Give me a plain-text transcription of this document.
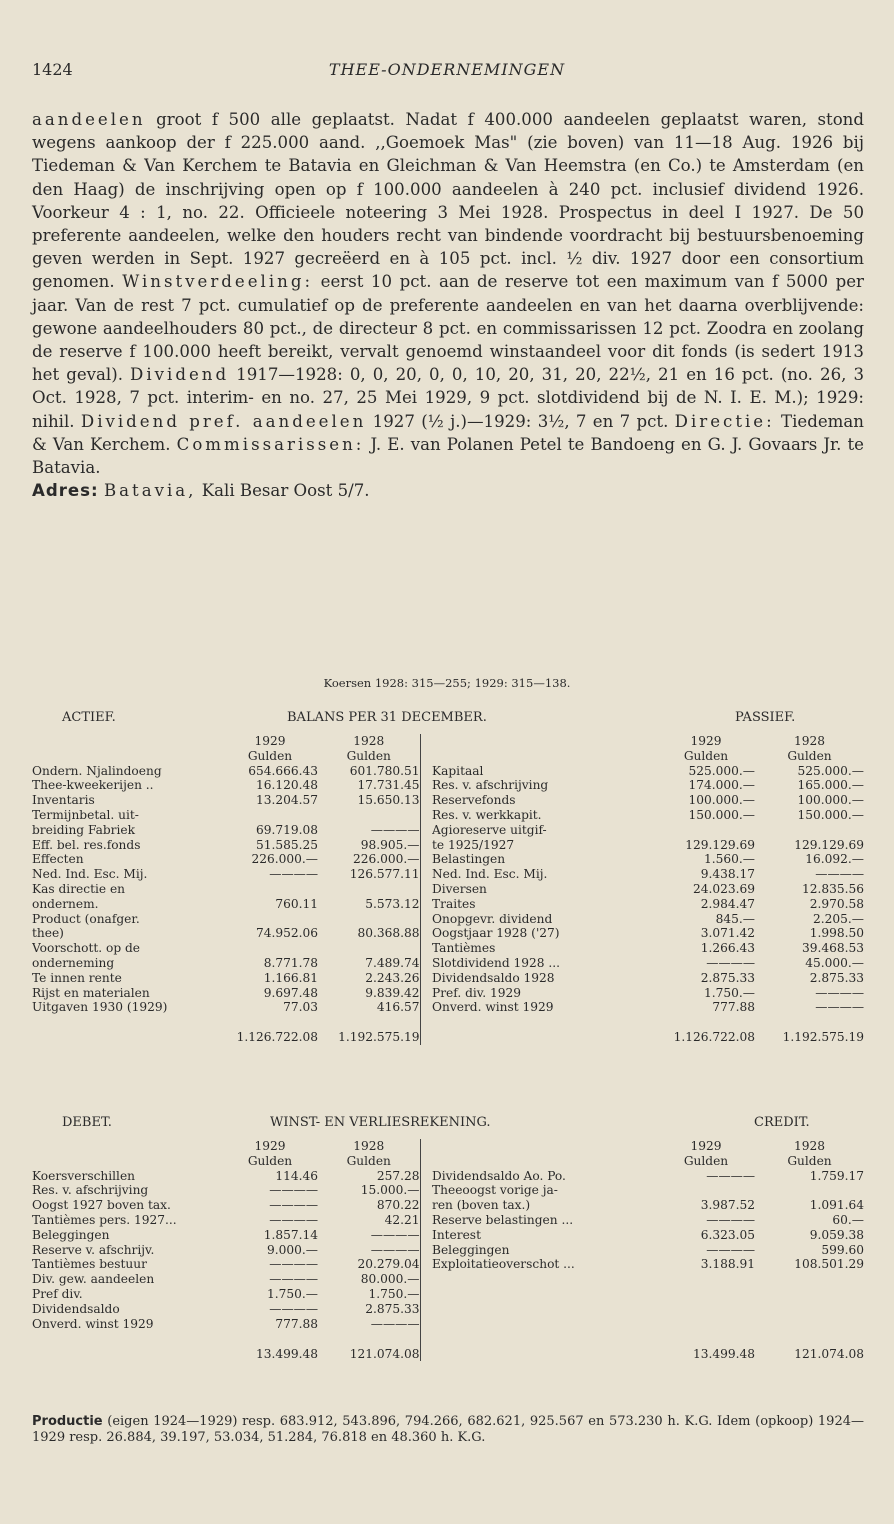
1424	THEE-ONDERNEMINGEN

aandeelen groot f 500 alle geplaatst. Nadat f 400.000 aandeelen geplaatst waren, stond wegens aankoop der f 225.000 aand. ,,Goemoek Mas" (zie boven) van 11—18 Aug. 1926 bij Tiedeman & Van Kerchem te Batavia en Gleichman & Van Heemstra (en Co.) te Amsterdam (en den Haag) de inschrijving open op f 100.000 aandeelen à 240 pct. inclusief dividend 1926. Voorkeur 4 : 1, no. 22. Officieele noteering 3 Mei 1928. Prospectus in deel I 1927. De 50 preferente aandeelen, welke den houders recht van bindende voordracht bij bestuursbenoeming geven werden in Sept. 1927 gecreëerd en à 105 pct. incl. ½ div. 1927 door een consortium genomen. Winstverdeeling: eerst 10 pct. aan de reserve tot een maximum van f 5000 per jaar. Van de rest 7 pct. cumulatief op de preferente aandeelen en van het daarna overblijvende: gewone aandeelhouders 80 pct., de directeur 8 pct. en commissarissen 12 pct. Zoodra en zoolang de reserve f 100.000 heeft bereikt, vervalt genoemd winstaandeel voor dit fonds (is sedert 1913 het geval). Dividend 1917—1928: 0, 0, 20, 0, 0, 10, 20, 31, 20, 22½, 21 en 16 pct. (no. 26, 3 Oct. 1928, 7 pct. interim- en no. 27, 25 Mei 1929, 9 pct. slotdividend bij de N. I. E. M.); 1929: nihil. Dividend pref. aandeelen 1927 (½ j.)—1929: 3½, 7 en 7 pct. Directie: Tiedeman & Van Kerchem. Commissarissen: J. E. van Polanen Petel te Bandoeng en G. J. Govaars Jr. te Batavia.

Adres: Batavia, Kali Besar Oost 5/7.

Koersen 1928: 315—255; 1929: 315—138.
ACTIEF.	BALANS PER 31 DECEMBER.	PASSIEF.
	1929	1928			1929	1928
	Gulden	Gulden			Gulden	Gulden
Ondern. Njalindoeng	654.666.43	601.780.51		Kapitaal	525.000.—	525.000.—
Thee-kweekerijen ..	16.120.48	17.731.45		Res. v. afschrijving	174.000.—	165.000.—
Inventaris	13.204.57	15.650.13		Reservefonds	100.000.—	100.000.—
Termijnbetal. uit-				Res. v. werkkapit.	150.000.—	150.000.—
breiding Fabriek	69.719.08	————		Agioreserve uitgif-		
Eff. bel. res.fonds	51.585.25	98.905.—		te 1925/1927	129.129.69	129.129.69
Effecten	226.000.—	226.000.—		Belastingen	1.560.—	16.092.—
Ned. Ind. Esc. Mij.	————	126.577.11		Ned. Ind. Esc. Mij.	9.438.17	————
Kas directie en				Diversen	24.023.69	12.835.56
ondernem.	760.11	5.573.12		Traites	2.984.47	2.970.58
Product (onafger.				Onopgevr. dividend	845.—	2.205.—
thee)	74.952.06	80.368.88		Oogstjaar 1928 ('27)	3.071.42	1.998.50
Voorschott. op de				Tantièmes	1.266.43	39.468.53
onderneming	8.771.78	7.489.74		Slotdividend 1928 ...	————	45.000.—
Te innen rente	1.166.81	2.243.26		Dividendsaldo 1928	2.875.33	2.875.33
Rijst en materialen	9.697.48	9.839.42		Pref. div. 1929	1.750.—	————
Uitgaven 1930 (1929)	77.03	416.57		Onverd. winst 1929	777.88	————
	1.126.722.08	1.192.575.19			1.126.722.08	1.192.575.19
DEBET.	WINST- EN VERLIESREKENING.	CREDIT.
	1929	1928			1929	1928
	Gulden	Gulden			Gulden	Gulden
Koersverschillen	114.46	257.28		Dividendsaldo Ao. Po.	————	1.759.17
Res. v. afschrijving	————	15.000.—		Theeoogst vorige ja-		
Oogst 1927 boven tax.	————	870.22		ren (boven tax.)	3.987.52	1.091.64
Tantièmes pers. 1927...	————	42.21		Reserve belastingen ...	————	60.—
Beleggingen	1.857.14	————		Interest	6.323.05	9.059.38
Reserve v. afschrijv.	9.000.—	————		Beleggingen	————	599.60
Tantièmes bestuur	————	20.279.04		Exploitatieoverschot ...	3.188.91	108.501.29
Div. gew. aandeelen	————	80.000.—				
Pref div.	1.750.—	1.750.—				
Dividendsaldo	————	2.875.33				
Onverd. winst 1929	777.88	————				
	13.499.48	121.074.08			13.499.48	121.074.08

Productie (eigen 1924—1929) resp. 683.912, 543.896, 794.266, 682.621, 925.567 en 573.230 h. K.G. Idem (opkoop) 1924—1929 resp. 26.884, 39.197, 53.034, 51.284, 76.818 en 48.360 h. K.G.
